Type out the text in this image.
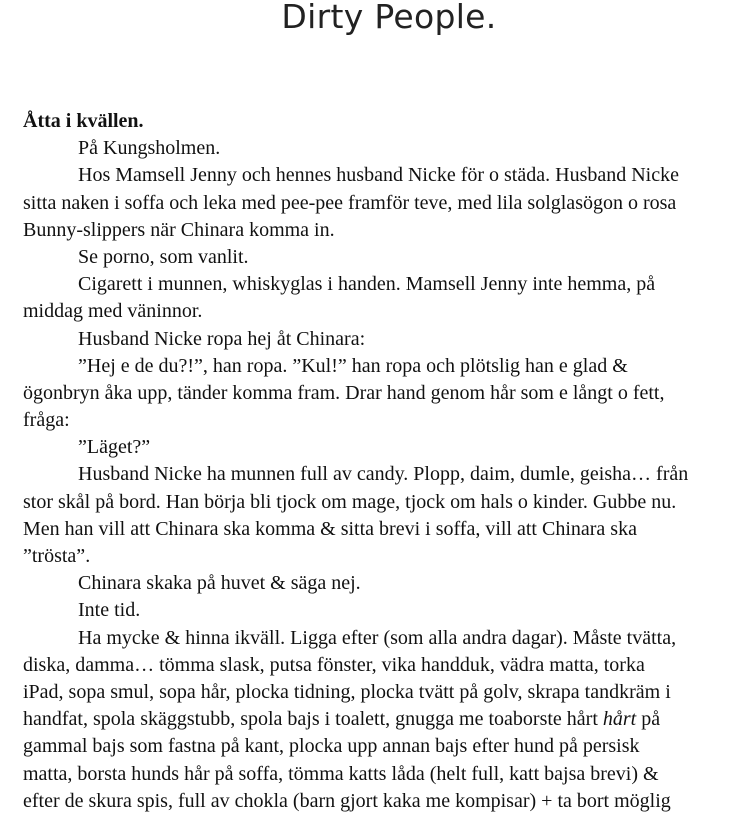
Dirty People.
Åtta i kvällen.
På Kungsholmen.
Hos Mamsell Jenny och hennes husband Nicke för o städa. Husband Nicke
sitta naken i soffa och leka med pee-pee framför teve, med lila solglasögon o rosa
Bunny-slippers när Chinara komma in.
Se porno, som vanlit.
Cigarett i munnen, whiskyglas i handen. Mamsell Jenny inte hemma, på
middag med väninnor.
Husband Nicke ropa hej åt Chinara:
”Hej e de du?!”, han ropa. ”Kul!” han ropa och plötslig han e glad &
ögonbryn åka upp, tänder komma fram. Drar hand genom hår som e långt o fett,
fråga:
”Läget?”
Husband Nicke ha munnen full av candy. Plopp, daim, dumle, geisha… från
stor skål på bord. Han börja bli tjock om mage, tjock om hals o kinder. Gubbe nu.
Men han vill att Chinara ska komma & sitta brevi i soffa, vill att Chinara ska
”trösta”.
Chinara skaka på huvet & säga nej.
Inte tid.
Ha mycke & hinna ikväll. Ligga efter (som alla andra dagar). Måste tvätta,
diska, damma… tömma slask, putsa fönster, vika handduk, vädra matta, torka
iPad, sopa smul, sopa hår, plocka tidning, plocka tvätt på golv, skrapa tandkräm i
handfat, spola skäggstubb, spola bajs i toalett, gnugga me toaborste hårt hårt på
gammal bajs som fastna på kant, plocka upp annan bajs efter hund på persisk
matta, borsta hunds hår på soffa, tömma katts låda (helt full, katt bajsa brevi) &
efter de skura spis, full av chokla (barn gjort kaka me kompisar) + ta bort möglig
